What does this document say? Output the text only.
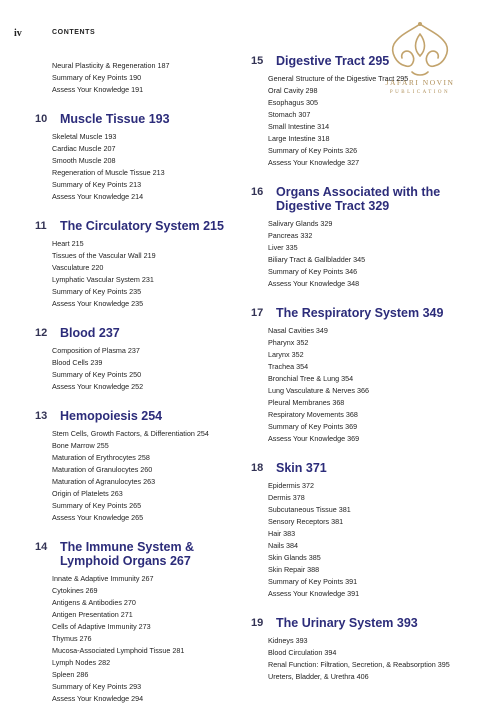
iv	CONTENTS
JAFARI NOVIN
PUBLICATION
Neural Plasticity & Regeneration 187
Summary of Key Points 190
Assess Your Knowledge 191
10	Muscle Tissue 193
Skeletal Muscle 193
Cardiac Muscle 207
Smooth Muscle 208
Regeneration of Muscle Tissue 213
Summary of Key Points 213
Assess Your Knowledge 214
11	The Circulatory System 215
Heart 215
Tissues of the Vascular Wall 219
Vasculature 220
Lymphatic Vascular System 231
Summary of Key Points 235
Assess Your Knowledge 235
12	Blood 237
Composition of Plasma 237
Blood Cells 239
Summary of Key Points 250
Assess Your Knowledge 252
13	Hemopoiesis 254
Stem Cells, Growth Factors, & Differentiation 254
Bone Marrow 255
Maturation of Erythrocytes 258
Maturation of Granulocytes 260
Maturation of Agranulocytes 263
Origin of Platelets 263
Summary of Key Points 265
Assess Your Knowledge 265
14	The Immune System & Lymphoid Organs 267
Innate & Adaptive Immunity 267
Cytokines 269
Antigens & Antibodies 270
Antigen Presentation 271
Cells of Adaptive Immunity 273
Thymus 276
Mucosa-Associated Lymphoid Tissue 281
Lymph Nodes 282
Spleen 286
Summary of Key Points 293
Assess Your Knowledge 294
15	Digestive Tract 295
General Structure of the Digestive Tract 295
Oral Cavity 298
Esophagus 305
Stomach 307
Small Intestine 314
Large Intestine 318
Summary of Key Points 326
Assess Your Knowledge 327
16	Organs Associated with the Digestive Tract 329
Salivary Glands 329
Pancreas 332
Liver 335
Biliary Tract & Gallbladder 345
Summary of Key Points 346
Assess Your Knowledge 348
17	The Respiratory System 349
Nasal Cavities 349
Pharynx 352
Larynx 352
Trachea 354
Bronchial Tree & Lung 354
Lung Vasculature & Nerves 366
Pleural Membranes 368
Respiratory Movements 368
Summary of Key Points 369
Assess Your Knowledge 369
18	Skin 371
Epidermis 372
Dermis 378
Subcutaneous Tissue 381
Sensory Receptors 381
Hair 383
Nails 384
Skin Glands 385
Skin Repair 388
Summary of Key Points 391
Assess Your Knowledge 391
19	The Urinary System 393
Kidneys 393
Blood Circulation 394
Renal Function: Filtration, Secretion, & Reabsorption 395
Ureters, Bladder, & Urethra 406
